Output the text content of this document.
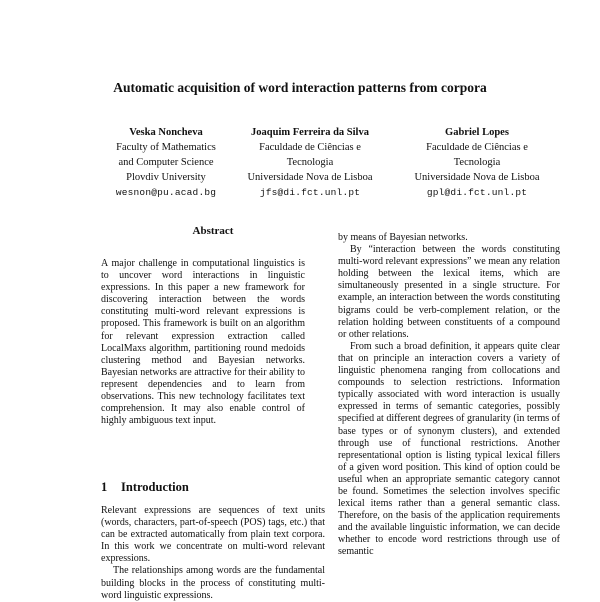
Automatic acquisition of word interaction patterns from corpora
Veska Noncheva
Faculty of Mathematics
and Computer Science
Plovdiv University
wesnon@pu.acad.bg
Joaquim Ferreira da Silva
Faculdade de Ciências e
Tecnologia
Universidade Nova de Lisboa
jfs@di.fct.unl.pt
Gabriel Lopes
Faculdade de Ciências e
Tecnologia
Universidade Nova de Lisboa
gpl@di.fct.unl.pt
Abstract

A major challenge in computational linguistics is to uncover word interactions in linguistic expressions. In this paper a new framework for discovering interaction between the words constituting multi-word relevant expressions is proposed. This framework is built on an algorithm for relevant expression extraction called LocalMaxs algorithm, partitioning round medoids clustering method and Bayesian networks. Bayesian networks are attractive for their ability to represent dependencies and to learn from observations. This new technology facilitates text comprehension. It may also enable control of highly ambiguous text input.

1 Introduction

Relevant expressions are sequences of text units (words, characters, part-of-speech (POS) tags, etc.) that can be extracted automatically from plain text corpora. In this work we concentrate on multi-word relevant expressions.

The relationships among words are the fundamental building blocks in the process of constituting multi-word linguistic expressions.

by means of Bayesian networks.

By “interaction between the words constituting multi-word relevant expressions” we mean any relation holding between the lexical items, which are simultaneously presented in a single structure. For example, an interaction between the words constituting bigrams could be verb-complement relation, or the relation holding between constituents of a compound or other relations.

From such a broad definition, it appears quite clear that on principle an interaction covers a variety of linguistic phenomena ranging from collocations and compounds to selection restrictions. Information typically associated with word interaction is usually expressed in terms of semantic categories, possibly specified at different degrees of granularity (in terms of base types or of synonym clusters), and extended through use of functional restrictions. Another representational option is listing typical lexical fillers of a given word position. This kind of option could be useful when an appropriate semantic category cannot be found. Sometimes the selection involves specific lexical items rather than a general semantic class. Therefore, on the basis of the application requirements and the available linguistic information, we can decide whether to encode word restrictions through use of semantic
